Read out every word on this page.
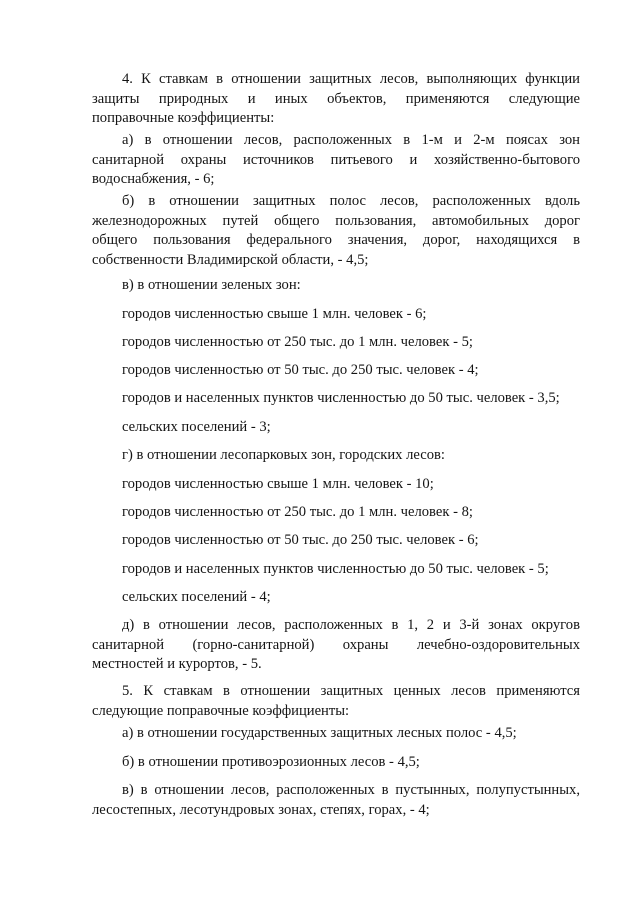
4. К ставкам в отношении защитных лесов, выполняющих функции
защиты природных и иных объектов, применяются следующие
поправочные коэффициенты:
а) в отношении лесов, расположенных в 1-м и 2-м поясах зон
санитарной охраны источников питьевого и хозяйственно-бытового
водоснабжения, - 6;
б) в отношении защитных полос лесов, расположенных вдоль
железнодорожных путей общего пользования, автомобильных дорог
общего пользования федерального значения, дорог, находящихся в
собственности Владимирской области, - 4,5;
в) в отношении зеленых зон:
городов численностью свыше 1 млн. человек - 6;
городов численностью от 250 тыс. до 1 млн. человек - 5;
городов численностью от 50 тыс. до 250 тыс. человек - 4;
городов и населенных пунктов численностью до 50 тыс. человек - 3,5;
сельских поселений - 3;
г) в отношении лесопарковых зон, городских лесов:
городов численностью свыше 1 млн. человек - 10;
городов численностью от 250 тыс. до 1 млн. человек - 8;
городов численностью от 50 тыс. до 250 тыс. человек - 6;
городов и населенных пунктов численностью до 50 тыс. человек - 5;
сельских поселений - 4;
д) в отношении лесов, расположенных в 1, 2 и 3-й зонах округов
санитарной (горно-санитарной) охраны лечебно-оздоровительных
местностей и курортов, - 5.
5. К ставкам в отношении защитных ценных лесов применяются
следующие поправочные коэффициенты:
а) в отношении государственных защитных лесных полос - 4,5;
б) в отношении противоэрозионных лесов - 4,5;
в) в отношении лесов, расположенных в пустынных, полупустынных,
лесостепных, лесотундровых зонах, степях, горах, - 4;
